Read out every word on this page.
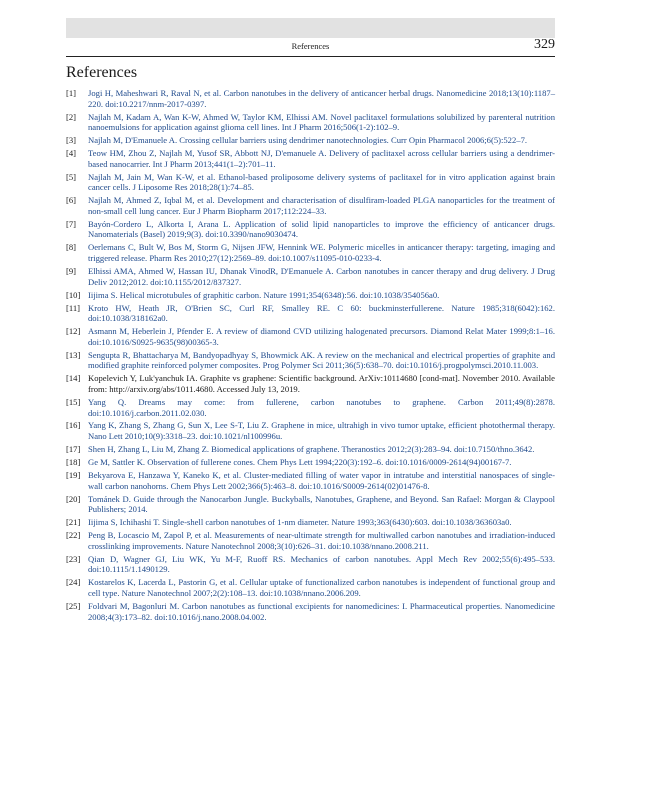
References	329
References
[1]	Jogi H, Maheshwari R, Raval N, et al. Carbon nanotubes in the delivery of anticancer herbal drugs. Nanomedicine 2018;13(10):1187–220. doi:10.2217/nnm-2017-0397.
[2]	Najlah M, Kadam A, Wan K-W, Ahmed W, Taylor KM, Elhissi AM. Novel paclitaxel formulations solubilized by parenteral nutrition nanoemulsions for application against glioma cell lines. Int J Pharm 2016;506(1-2):102–9.
[3]	Najlah M, D'Emanuele A. Crossing cellular barriers using dendrimer nanotechnologies. Curr Opin Pharmacol 2006;6(5):522–7.
[4]	Teow HM, Zhou Z, Najlah M, Yusof SR, Abbott NJ, D'emanuele A. Delivery of paclitaxel across cellular barriers using a dendrimer-based nanocarrier. Int J Pharm 2013;441(1–2):701–11.
[5]	Najlah M, Jain M, Wan K-W, et al. Ethanol-based proliposome delivery systems of paclitaxel for in vitro application against brain cancer cells. J Liposome Res 2018;28(1):74–85.
[6]	Najlah M, Ahmed Z, Iqbal M, et al. Development and characterisation of disulfiram-loaded PLGA nanoparticles for the treatment of non-small cell lung cancer. Eur J Pharm Biopharm 2017;112:224–33.
[7]	Bayón-Cordero L, Alkorta I, Arana L. Application of solid lipid nanoparticles to improve the efficiency of anticancer drugs. Nanomaterials (Basel) 2019;9(3). doi:10.3390/nano9030474.
[8]	Oerlemans C, Bult W, Bos M, Storm G, Nijsen JFW, Hennink WE. Polymeric micelles in anticancer therapy: targeting, imaging and triggered release. Pharm Res 2010;27(12):2569–89. doi:10.1007/s11095-010-0233-4.
[9]	Elhissi AMA, Ahmed W, Hassan IU, Dhanak VinodR, D'Emanuele A. Carbon nanotubes in cancer therapy and drug delivery. J Drug Deliv 2012;2012. doi:10.1155/2012/837327.
[10] Iijima S. Helical microtubules of graphitic carbon. Nature 1991;354(6348):56. doi:10.1038/354056a0.
[11] Kroto HW, Heath JR, O'Brien SC, Curl RF, Smalley RE. C 60: buckminsterfullerene. Nature 1985;318(6042):162. doi:10.1038/318162a0.
[12] Asmann M, Heberlein J, Pfender E. A review of diamond CVD utilizing halogenated precursors. Diamond Relat Mater 1999;8:1–16. doi:10.1016/S0925-9635(98)00365-3.
[13] Sengupta R, Bhattacharya M, Bandyopadhyay S, Bhowmick AK. A review on the mechanical and electrical properties of graphite and modified graphite reinforced polymer composites. Prog Polymer Sci 2011;36(5):638–70. doi:10.1016/j.progpolymsci.2010.11.003.
[14] Kopelevich Y, Luk'yanchuk IA. Graphite vs graphene: Scientific background. ArXiv:10114680 [cond-mat]. November 2010. Available from: http://arxiv.org/abs/1011.4680. Accessed July 13, 2019.
[15] Yang Q. Dreams may come: from fullerene, carbon nanotubes to graphene. Carbon 2011;49(8):2878. doi:10.1016/j.carbon.2011.02.030.
[16] Yang K, Zhang S, Zhang G, Sun X, Lee S-T, Liu Z. Graphene in mice, ultrahigh in vivo tumor uptake, efficient photothermal therapy. Nano Lett 2010;10(9):3318–23. doi:10.1021/nl100996u.
[17] Shen H, Zhang L, Liu M, Zhang Z. Biomedical applications of graphene. Theranostics 2012;2(3):283–94. doi:10.7150/thno.3642.
[18] Ge M, Sattler K. Observation of fullerene cones. Chem Phys Lett 1994;220(3):192–6. doi:10.1016/0009-2614(94)00167-7.
[19] Bekyarova E, Hanzawa Y, Kaneko K, et al. Cluster-mediated filling of water vapor in intratube and interstitial nanospaces of single-wall carbon nanohorns. Chem Phys Lett 2002;366(5):463–8. doi:10.1016/S0009-2614(02)01476-8.
[20] Tománek D. Guide through the Nanocarbon Jungle. Buckyballs, Nanotubes, Graphene, and Beyond. San Rafael: Morgan & Claypool Publishers; 2014.
[21] Iijima S, Ichihashi T. Single-shell carbon nanotubes of 1-nm diameter. Nature 1993;363(6430):603. doi:10.1038/363603a0.
[22] Peng B, Locascio M, Zapol P, et al. Measurements of near-ultimate strength for multiwalled carbon nanotubes and irradiation-induced crosslinking improvements. Nature Nanotechnol 2008;3(10):626–31. doi:10.1038/nnano.2008.211.
[23] Qian D, Wagner GJ, Liu WK, Yu M-F, Ruoff RS. Mechanics of carbon nanotubes. Appl Mech Rev 2002;55(6):495–533. doi:10.1115/1.1490129.
[24] Kostarelos K, Lacerda L, Pastorin G, et al. Cellular uptake of functionalized carbon nanotubes is independent of functional group and cell type. Nature Nanotechnol 2007;2(2):108–13. doi:10.1038/nnano.2006.209.
[25] Foldvari M, Bagonluri M. Carbon nanotubes as functional excipients for nanomedicines: I. Pharmaceutical properties. Nanomedicine 2008;4(3):173–82. doi:10.1016/j.nano.2008.04.002.
